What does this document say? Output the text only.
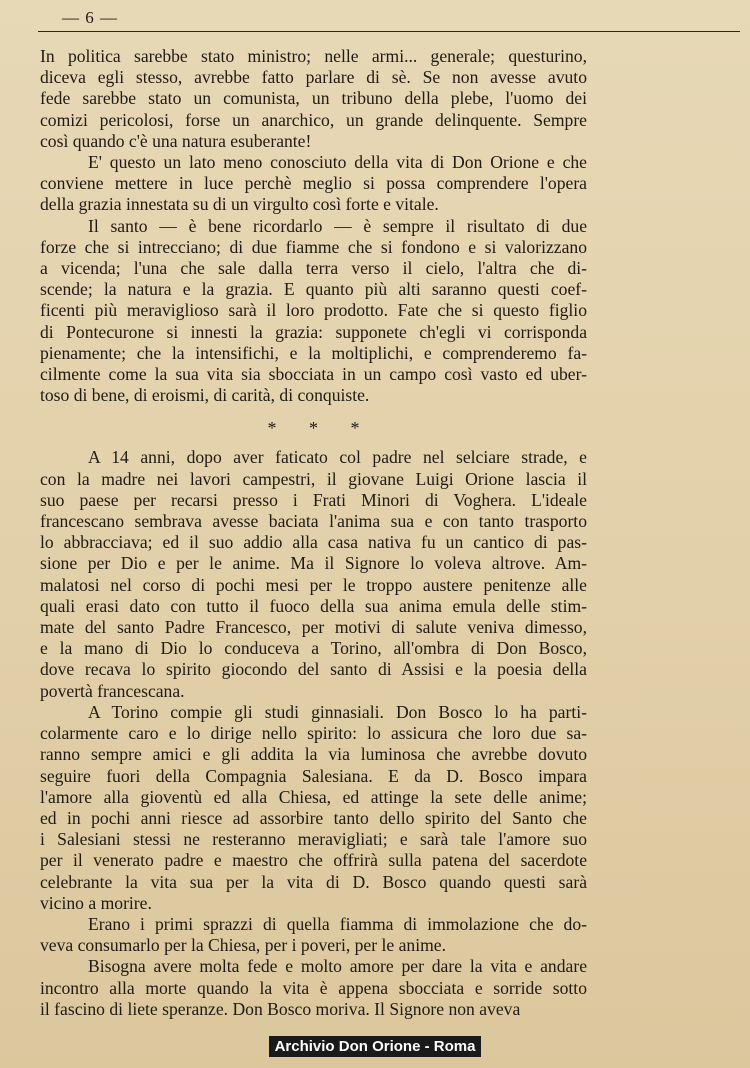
— 6 —
In politica sarebbe stato ministro; nelle armi... generale; questurino,
diceva egli stesso, avrebbe fatto parlare di sè. Se non avesse avuto
fede sarebbe stato un comunista, un tribuno della plebe, l'uomo dei
comizi pericolosi, forse un anarchico, un grande delinquente. Sempre
così quando c'è una natura esuberante!
E' questo un lato meno conosciuto della vita di Don Orione e che
conviene mettere in luce perchè meglio si possa comprendere l'opera
della grazia innestata su di un virgulto così forte e vitale.
Il santo — è bene ricordarlo — è sempre il risultato di due
forze che si intrecciano; di due fiamme che si fondono e si valorizzano
a vicenda; l'una che sale dalla terra verso il cielo, l'altra che di-
scende; la natura e la grazia. E quanto più alti saranno questi coef-
ficenti più meraviglioso sarà il loro prodotto. Fate che si questo figlio
di Pontecurone si innesti la grazia: supponete ch'egli vi corrisponda
pienamente; che la intensifichi, e la moltiplichi, e comprenderemo fa-
cilmente come la sua vita sia sbocciata in un campo così vasto ed uber-
toso di bene, di eroismi, di carità, di conquiste.
* * *
A 14 anni, dopo aver faticato col padre nel selciare strade, e
con la madre nei lavori campestri, il giovane Luigi Orione lascia il
suo paese per recarsi presso i Frati Minori di Voghera. L'ideale
francescano sembrava avesse baciata l'anima sua e con tanto trasporto
lo abbracciava; ed il suo addio alla casa nativa fu un cantico di pas-
sione per Dio e per le anime. Ma il Signore lo voleva altrove. Am-
malatosi nel corso di pochi mesi per le troppo austere penitenze alle
quali erasi dato con tutto il fuoco della sua anima emula delle stim-
mate del santo Padre Francesco, per motivi di salute veniva dimesso,
e la mano di Dio lo conduceva a Torino, all'ombra di Don Bosco,
dove recava lo spirito giocondo del santo di Assisi e la poesia della
povertà francescana.
A Torino compie gli studi ginnasiali. Don Bosco lo ha parti-
colarmente caro e lo dirige nello spirito: lo assicura che loro due sa-
ranno sempre amici e gli addita la via luminosa che avrebbe dovuto
seguire fuori della Compagnia Salesiana. E da D. Bosco impara
l'amore alla gioventù ed alla Chiesa, ed attinge la sete delle anime;
ed in pochi anni riesce ad assorbire tanto dello spirito del Santo che
i Salesiani stessi ne resteranno meravigliati; e sarà tale l'amore suo
per il venerato padre e maestro che offrirà sulla patena del sacerdote
celebrante la vita sua per la vita di D. Bosco quando questi sarà
vicino a morire.
Erano i primi sprazzi di quella fiamma di immolazione che do-
veva consumarlo per la Chiesa, per i poveri, per le anime.
Bisogna avere molta fede e molto amore per dare la vita e andare
incontro alla morte quando la vita è appena sbocciata e sorride sotto
il fascino di liete speranze. Don Bosco moriva. Il Signore non aveva
Archivio Don Orione - Roma
